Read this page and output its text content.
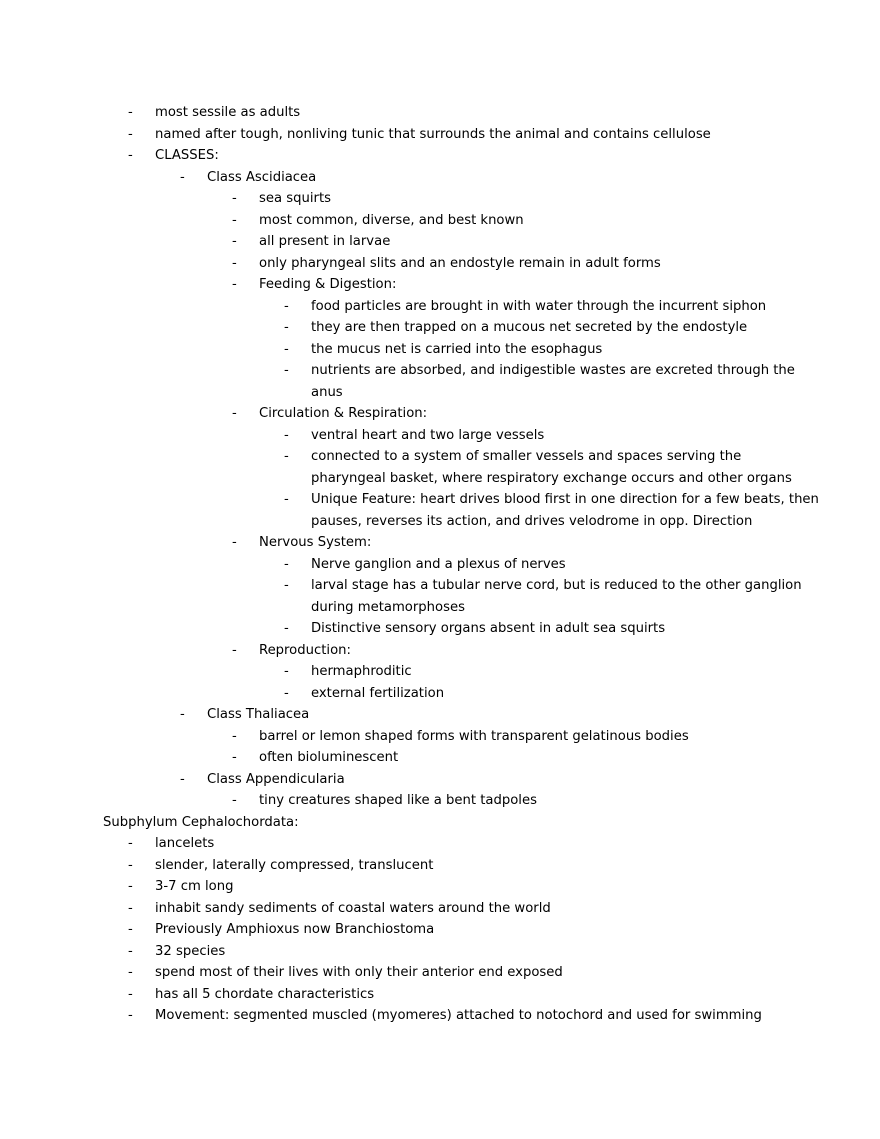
- most sessile as adults
- named after tough, nonliving tunic that surrounds the animal and contains cellulose
- CLASSES:
- Class Ascidiacea
- sea squirts
- most common, diverse, and best known
- all present in larvae
- only pharyngeal slits and an endostyle remain in adult forms
- Feeding & Digestion:
- food particles are brought in with water through the incurrent siphon
- they are then trapped on a mucous net secreted by the endostyle
- the mucus net is carried into the esophagus
- nutrients are absorbed, and indigestible wastes are excreted through the
anus
- Circulation & Respiration:
- ventral heart and two large vessels
- connected to a system of smaller vessels and spaces serving the
pharyngeal basket, where respiratory exchange occurs and other organs
- Unique Feature: heart drives blood first in one direction for a few beats, then
pauses, reverses its action, and drives velodrome in opp. Direction
- Nervous System:
- Nerve ganglion and a plexus of nerves
- larval stage has a tubular nerve cord, but is reduced to the other ganglion
during metamorphoses
- Distinctive sensory organs absent in adult sea squirts
- Reproduction:
- hermaphroditic
- external fertilization
- Class Thaliacea
- barrel or lemon shaped forms with transparent gelatinous bodies
- often bioluminescent
- Class Appendicularia
- tiny creatures shaped like a bent tadpoles
Subphylum Cephalochordata:
- lancelets
- slender, laterally compressed, translucent
- 3-7 cm long
- inhabit sandy sediments of coastal waters around the world
- Previously Amphioxus now Branchiostoma
- 32 species
- spend most of their lives with only their anterior end exposed
- has all 5 chordate characteristics
- Movement: segmented muscled (myomeres) attached to notochord and used for swimming
